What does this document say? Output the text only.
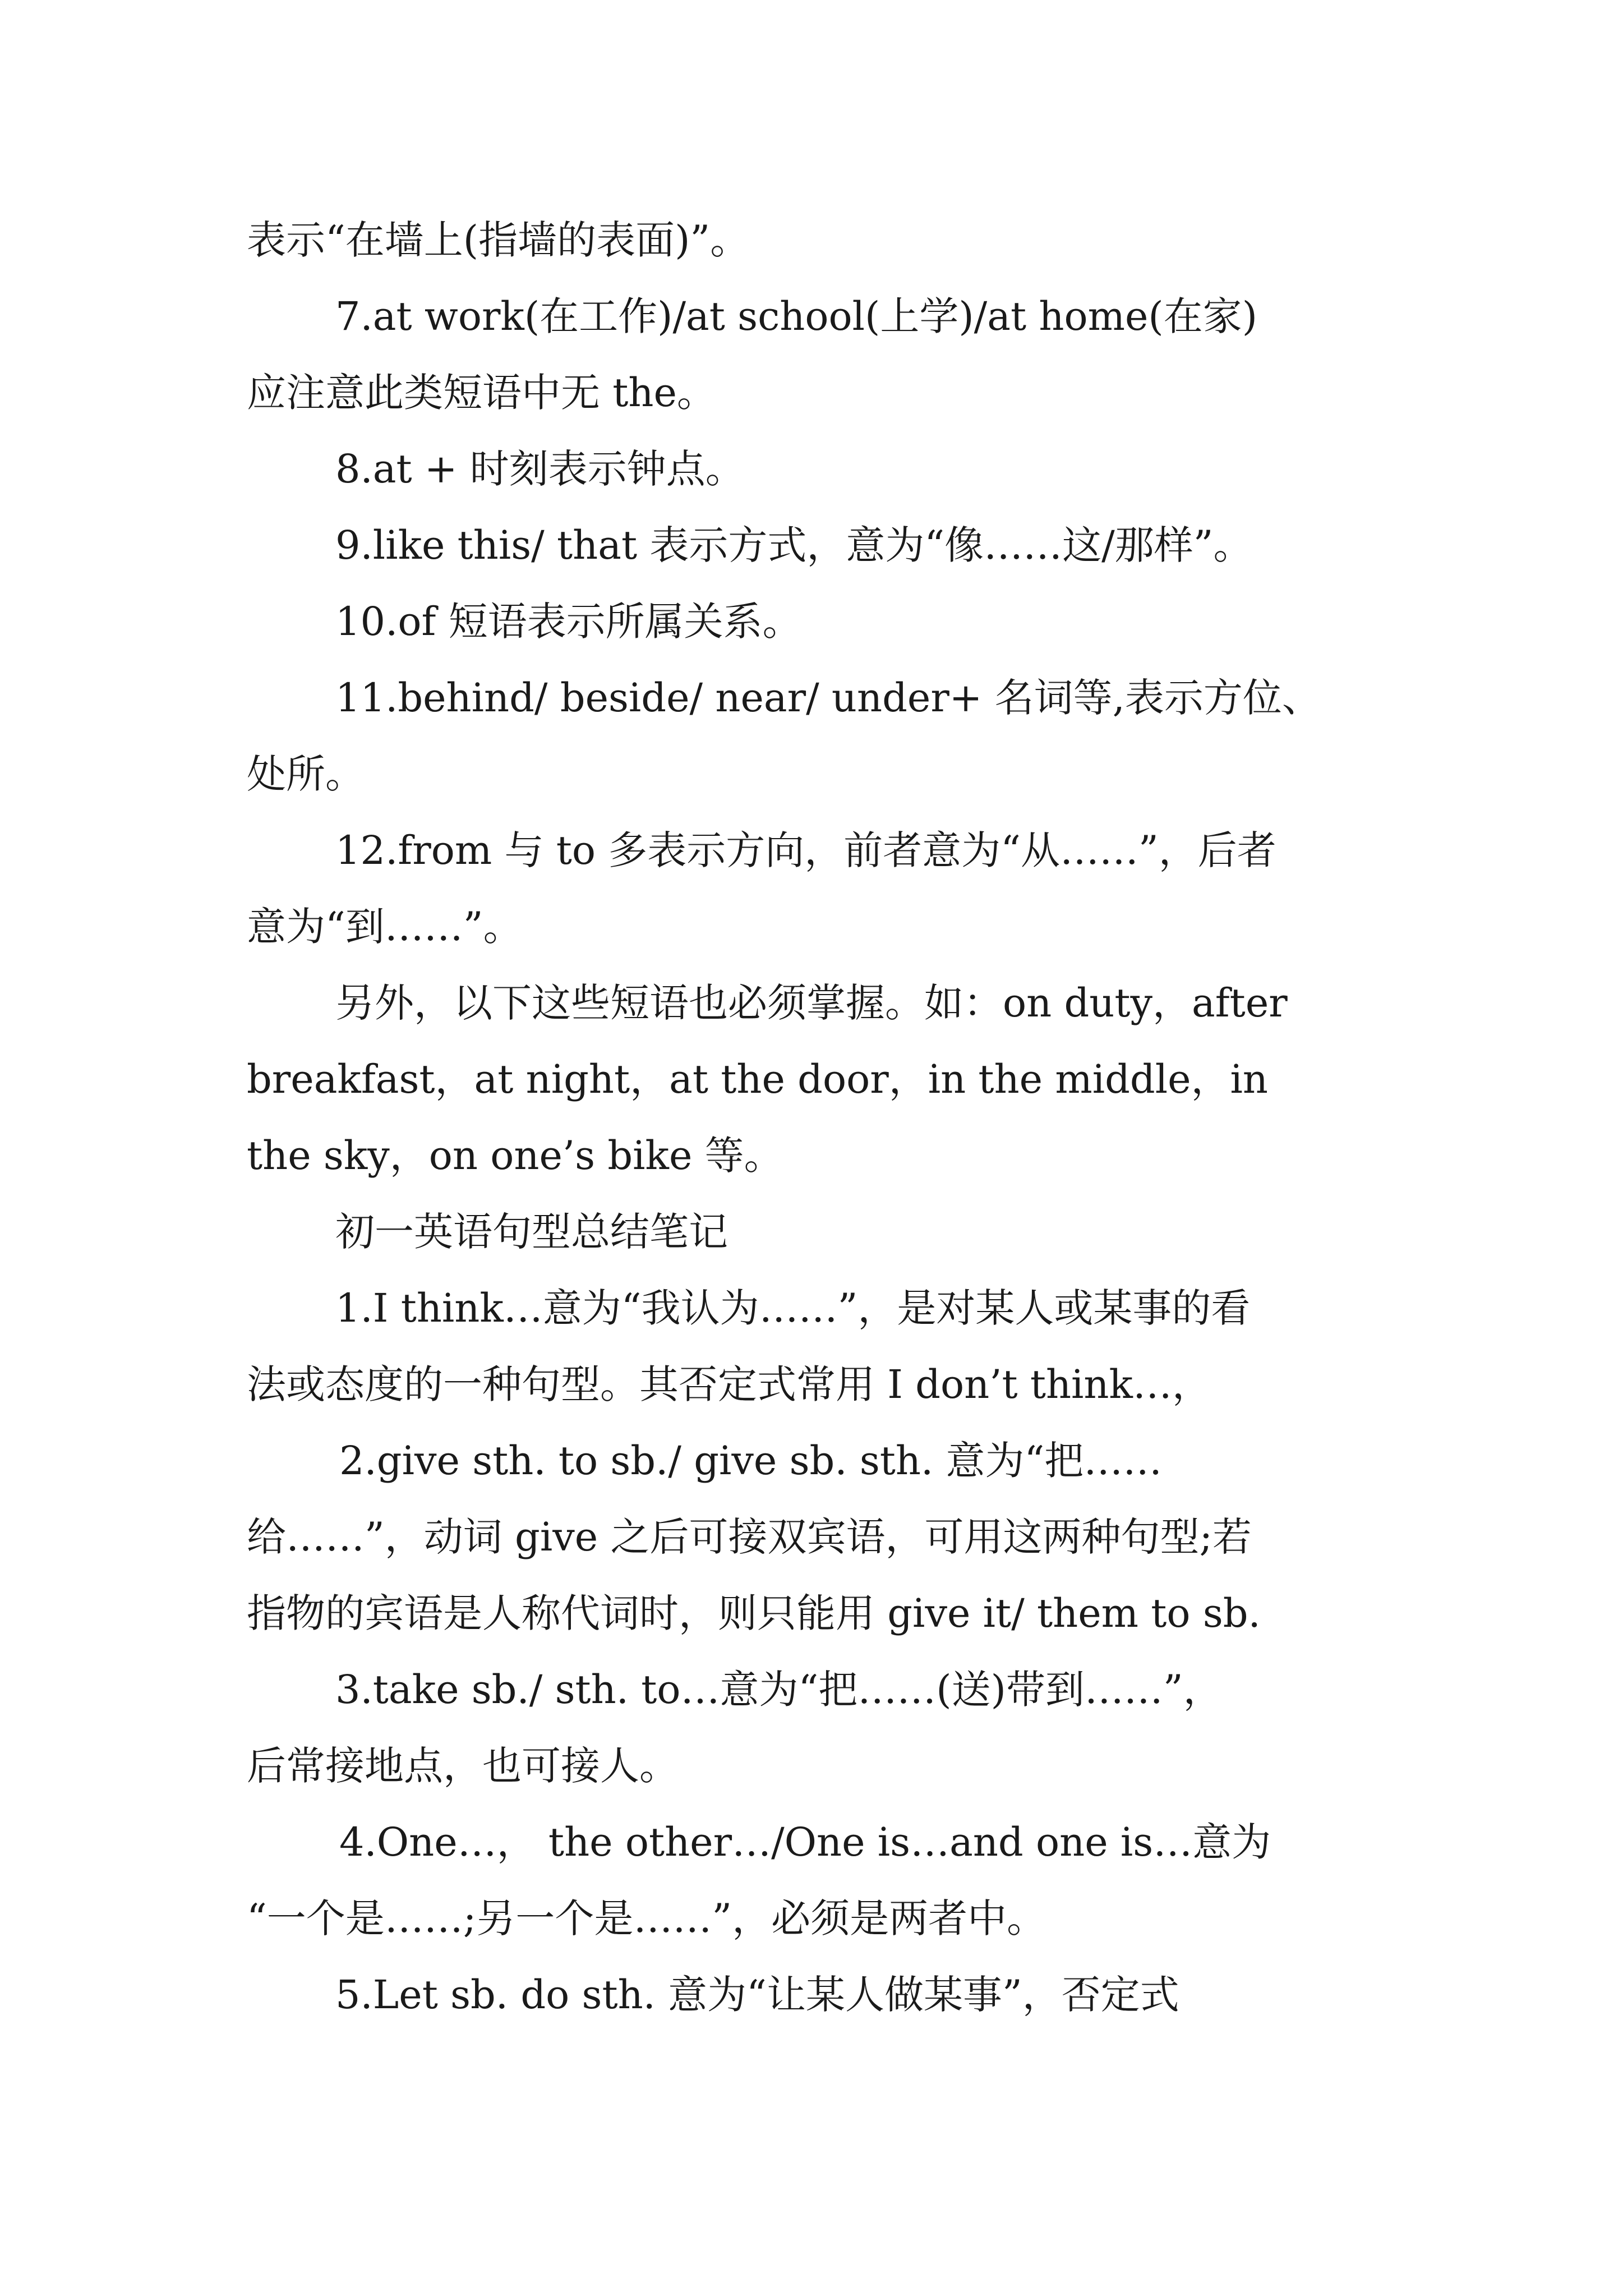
表示“在墙上(指墙的表面)”。
7.at work(在工作)/at school(上学)/at home(在家)
应注意此类短语中无 the。
8.at + 时刻表示钟点。
9.like this/ that 表示方式，意为“像……这/那样”。
10.of 短语表示所属关系。
11.behind/ beside/ near/ under+ 名词等,表示方位、
处所。
12.from 与 to 多表示方向，前者意为“从……”，后者
意为“到……”。
另外，以下这些短语也必须掌握。如：on duty，after
breakfast，at night，at the door，in the middle，in
the sky，on one’s bike 等。
初一英语句型总结笔记
1.I think…意为“我认为……”，是对某人或某事的看
法或态度的一种句型。其否定式常用 I don’t think…，
2.give sth. to sb./ give sb. sth. 意为“把……
给……”，动词 give 之后可接双宾语，可用这两种句型;若
指物的宾语是人称代词时，则只能用 give it/ them to sb.
3.take sb./ sth. to…意为“把……(送)带到……”，
后常接地点，也可接人。
4.One…， the other…/One is…and one is…意为
“一个是……;另一个是……”，必须是两者中。
5.Let sb. do sth. 意为“让某人做某事”，否定式
